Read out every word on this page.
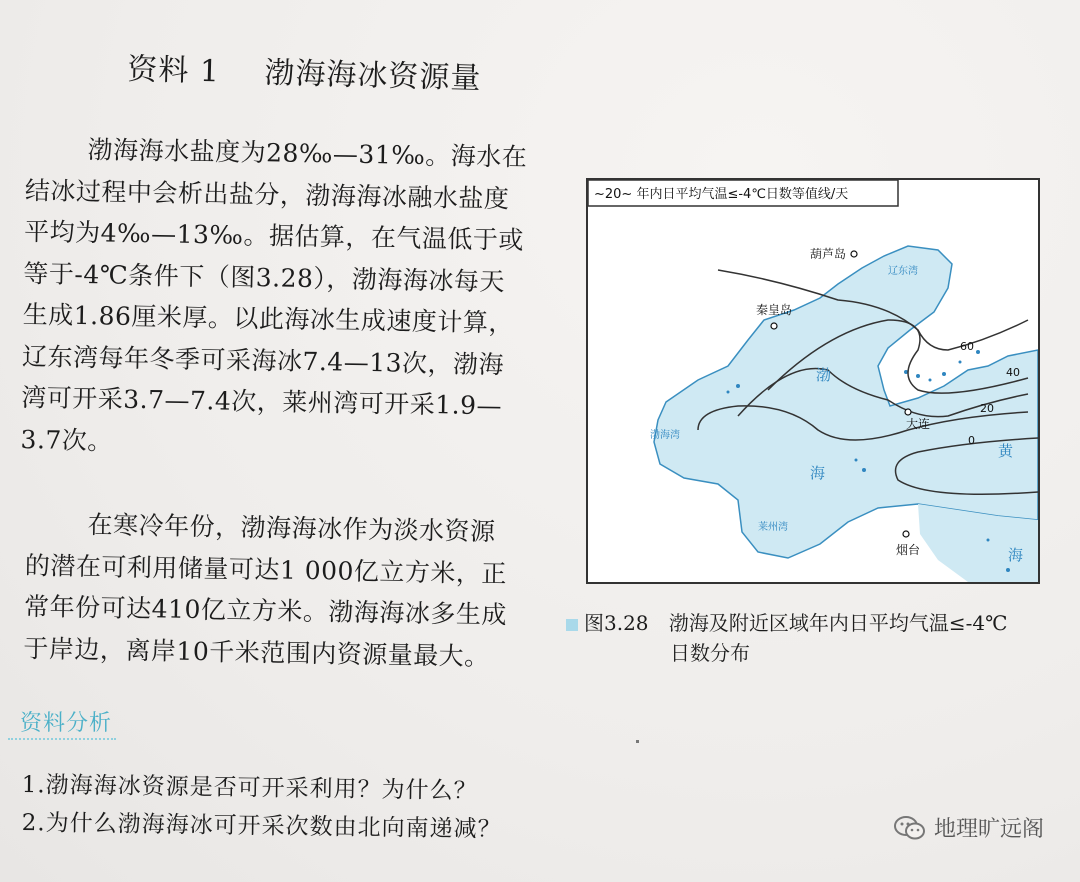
资料 1 渤海海冰资源量

渤海海水盐度为28‰—31‰。海水在

结冰过程中会析出盐分，渤海海冰融水盐度

平均为4‰—13‰。据估算，在气温低于或

等于-4℃条件下（图3.28），渤海海冰每天

生成1.86厘米厚。以此海冰生成速度计算，

辽东湾每年冬季可采海冰7.4—13次，渤海

湾可开采3.7—7.4次，莱州湾可开采1.9—

3.7次。

在寒冷年份，渤海海冰作为淡水资源

的潜在可利用储量可达1 000亿立方米，正

常年份可达410亿立方米。渤海海冰多生成

于岸边，离岸10千米范围内资源量最大。

资料分析
1.渤海海冰资源是否可开采利用？为什么？
2.为什么渤海海冰可开采次数由北向南递减？
~20~ 年内日平均气温≤-4℃日数等值线/天
葫芦岛
秦皇岛
大连
烟台
渤
海
黄
海
辽东湾
渤海湾
莱州湾
60
40
20
0
图3.28 渤海及附近区域年内日平均气温≤-4℃
日数分布
地理旷远阁
